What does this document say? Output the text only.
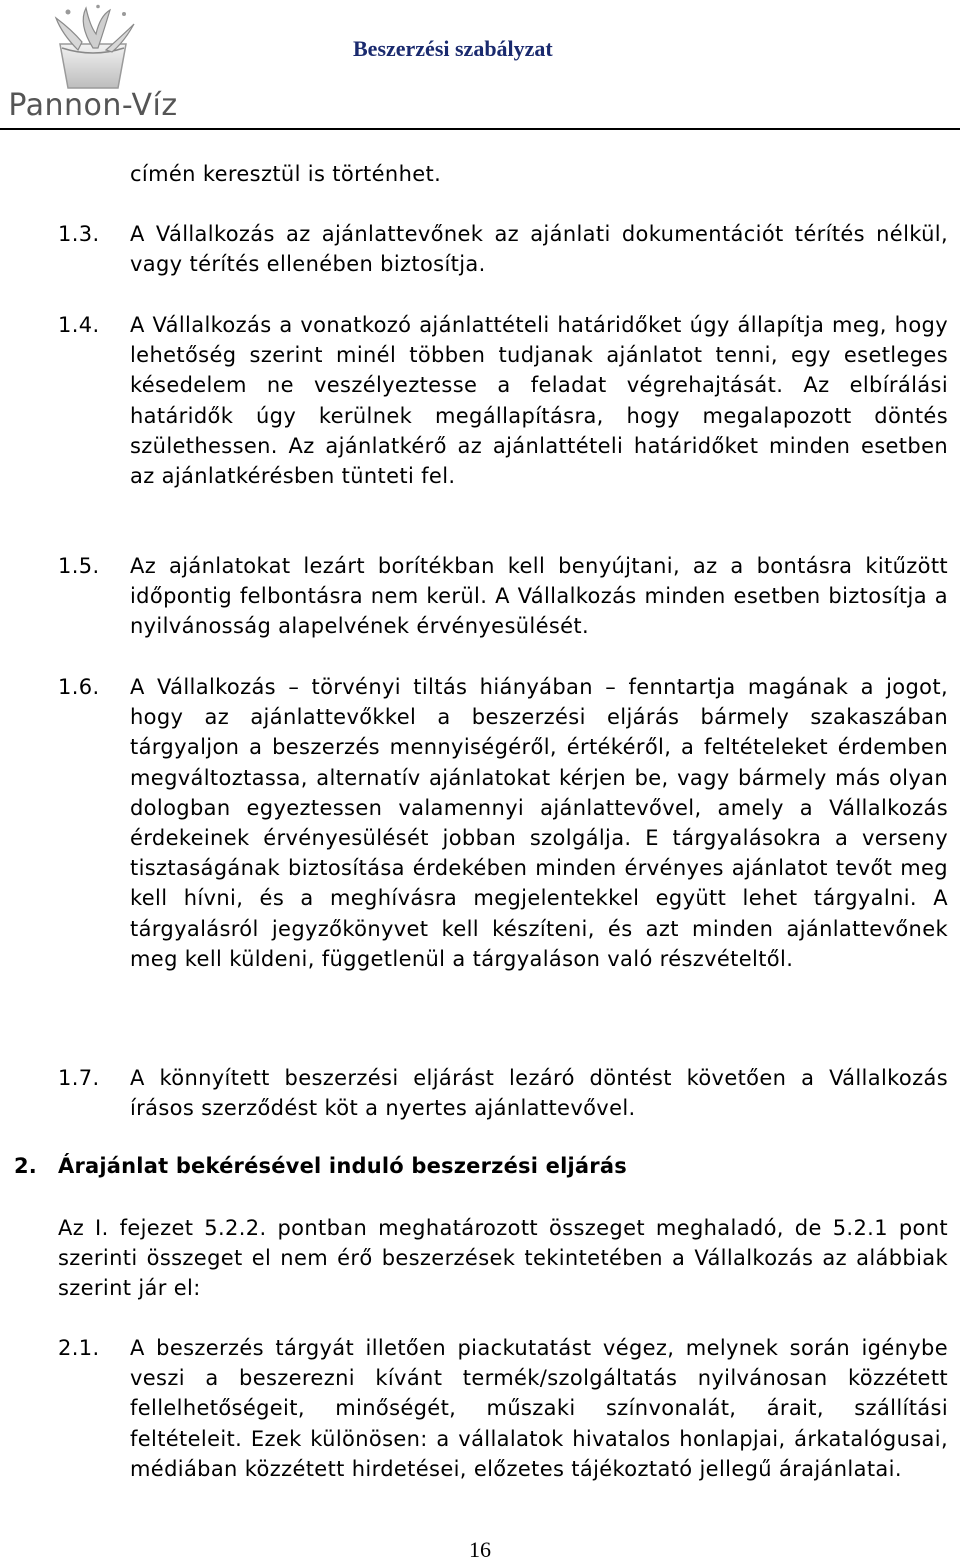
Pannon-Víz
Beszerzési szabályzat

címén keresztül is történhet.

1.3. A Vállalkozás az ajánlattevőnek az ajánlati dokumentációt térítés nélkül, vagy térítés ellenében biztosítja.

1.4. A Vállalkozás a vonatkozó ajánlattételi határidőket úgy állapítja meg, hogy lehetőség szerint minél többen tudjanak ajánlatot tenni, egy esetleges késedelem ne veszélyeztesse a feladat végrehajtását. Az elbírálási határidők úgy kerülnek megállapításra, hogy megalapozott döntés születhessen. Az ajánlatkérő az ajánlattételi határidőket minden esetben az ajánlatkérésben tünteti fel.

1.5. Az ajánlatokat lezárt borítékban kell benyújtani, az a bontásra kitűzött időpontig felbontásra nem kerül. A Vállalkozás minden esetben biztosítja a nyilvánosság alapelvének érvényesülését.

1.6. A Vállalkozás – törvényi tiltás hiányában – fenntartja magának a jogot, hogy az ajánlattevőkkel a beszerzési eljárás bármely szakaszában tárgyaljon a beszerzés mennyiségéről, értékéről, a feltételeket érdemben megváltoztassa, alternatív ajánlatokat kérjen be, vagy bármely más olyan dologban egyeztessen valamennyi ajánlattevővel, amely a Vállalkozás érdekeinek érvényesülését jobban szolgálja. E tárgyalásokra a verseny tisztaságának biztosítása érdekében minden érvényes ajánlatot tevőt meg kell hívni, és a meghívásra megjelentekkel együtt lehet tárgyalni. A tárgyalásról jegyzőkönyvet kell készíteni, és azt minden ajánlattevőnek meg kell küldeni, függetlenül a tárgyaláson való részvételtől.

1.7. A könnyített beszerzési eljárást lezáró döntést követően a Vállalkozás írásos szerződést köt a nyertes ajánlattevővel.

2. Árajánlat bekérésével induló beszerzési eljárás

Az I. fejezet 5.2.2. pontban meghatározott összeget meghaladó, de 5.2.1 pont szerinti összeget el nem érő beszerzések tekintetében a Vállalkozás az alábbiak szerint jár el:

2.1. A beszerzés tárgyát illetően piackutatást végez, melynek során igénybe veszi a beszerezni kívánt termék/szolgáltatás nyilvánosan közzétett fellelhetőségeit, minőségét, műszaki színvonalát, árait, szállítási feltételeit. Ezek különösen: a vállalatok hivatalos honlapjai, árkatalógusai, médiában közzétett hirdetései, előzetes tájékoztató jellegű árajánlatai.

16
